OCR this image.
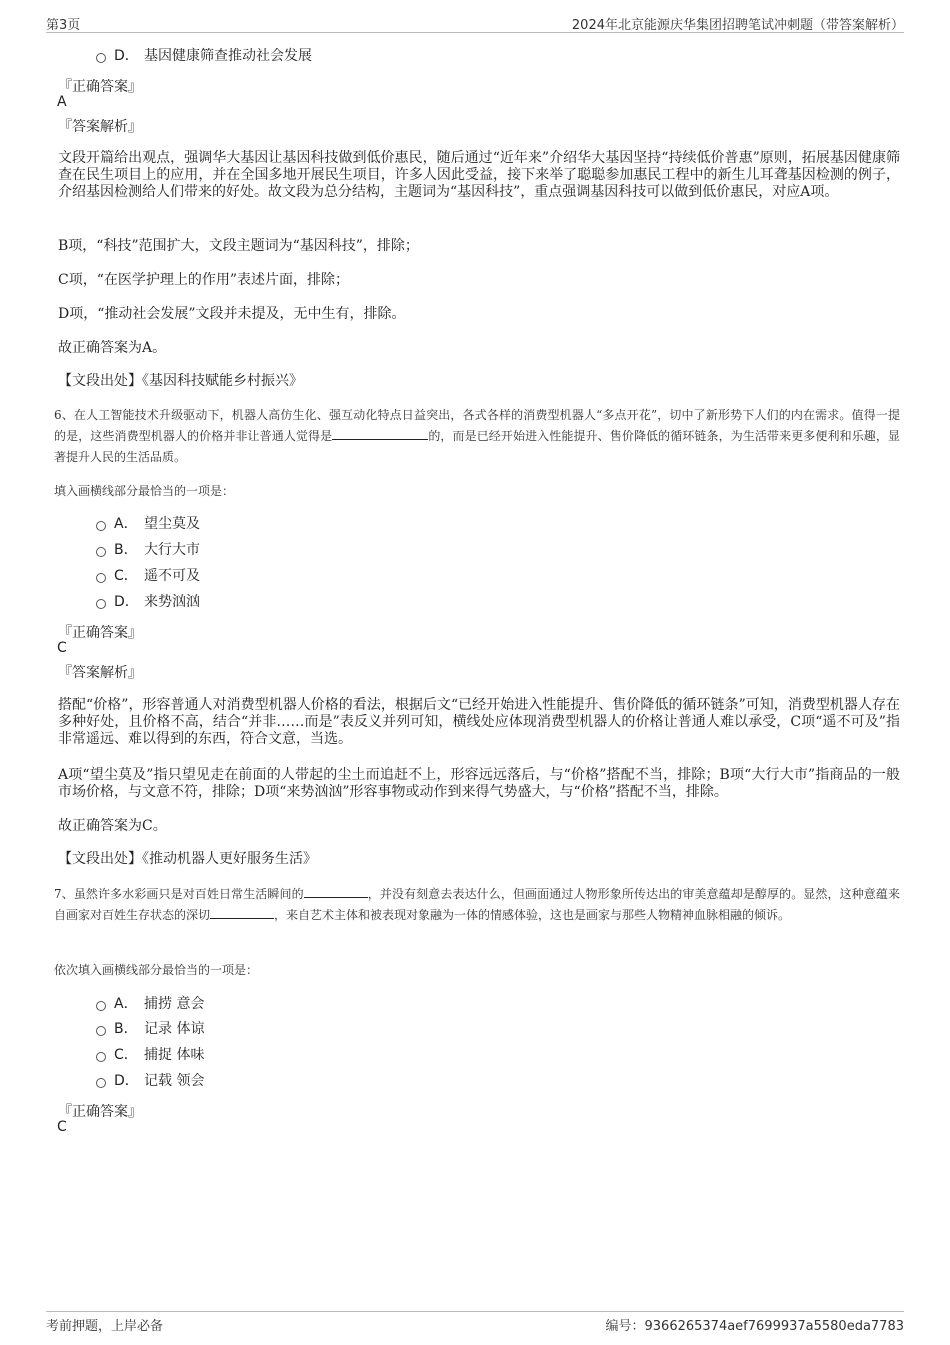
第3页	2024年北京能源庆华集团招聘笔试冲刺题（带答案解析）
D． 基因健康筛查推动社会发展
『正确答案』
A
『答案解析』
文段开篇给出观点，强调华大基因让基因科技做到低价惠民，随后通过“近年来”介绍华大基因坚持“持续低价普惠”原则，拓展基因健康筛查在民生项目上的应用，并在全国多地开展民生项目，许多人因此受益，接下来举了聪聪参加惠民工程中的新生儿耳聋基因检测的例子，介绍基因检测给人们带来的好处。故文段为总分结构，主题词为“基因科技”，重点强调基因科技可以做到低价惠民，对应A项。
B项，“科技”范围扩大，文段主题词为“基因科技”，排除；
C项，“在医学护理上的作用”表述片面，排除；
D项，“推动社会发展”文段并未提及，无中生有，排除。
故正确答案为A。
【文段出处】《基因科技赋能乡村振兴》
6、在人工智能技术升级驱动下，机器人高仿生化、强互动化特点日益突出，各式各样的消费型机器人“多点开花”，切中了新形势下人们的内在需求。值得一提的是，这些消费型机器人的价格并非让普通人觉得是	的，而是已经开始进入性能提升、售价降低的循环链条，为生活带来更多便利和乐趣，显著提升人民的生活品质。
填入画横线部分最恰当的一项是：
A． 望尘莫及
B． 大行大市
C． 遥不可及
D． 来势汹汹
『正确答案』
C
『答案解析』
搭配“价格”，形容普通人对消费型机器人价格的看法，根据后文“已经开始进入性能提升、售价降低的循环链条”可知，消费型机器人存在多种好处，且价格不高，结合“并非……而是”表反义并列可知，横线处应体现消费型机器人的价格让普通人难以承受，C项“遥不可及”指非常遥远、难以得到的东西，符合文意，当选。
A项“望尘莫及”指只望见走在前面的人带起的尘土而追赶不上，形容远远落后，与“价格”搭配不当，排除；B项“大行大市”指商品的一般市场价格，与文意不符，排除；D项“来势汹汹”形容事物或动作到来得气势盛大，与“价格”搭配不当，排除。
故正确答案为C。
【文段出处】《推动机器人更好服务生活》
7、虽然许多水彩画只是对百姓日常生活瞬间的	，并没有刻意去表达什么，但画面通过人物形象所传达出的审美意蕴却是醇厚的。显然，这种意蕴来自画家对百姓生存状态的深切	，来自艺术主体和被表现对象融为一体的情感体验，这也是画家与那些人物精神血脉相融的倾诉。
依次填入画横线部分最恰当的一项是：
A． 捕捞 意会
B． 记录 体谅
C． 捕捉 体味
D． 记载 领会
『正确答案』
C
考前押题，上岸必备	编号：9366265374aef7699937a5580eda7783
